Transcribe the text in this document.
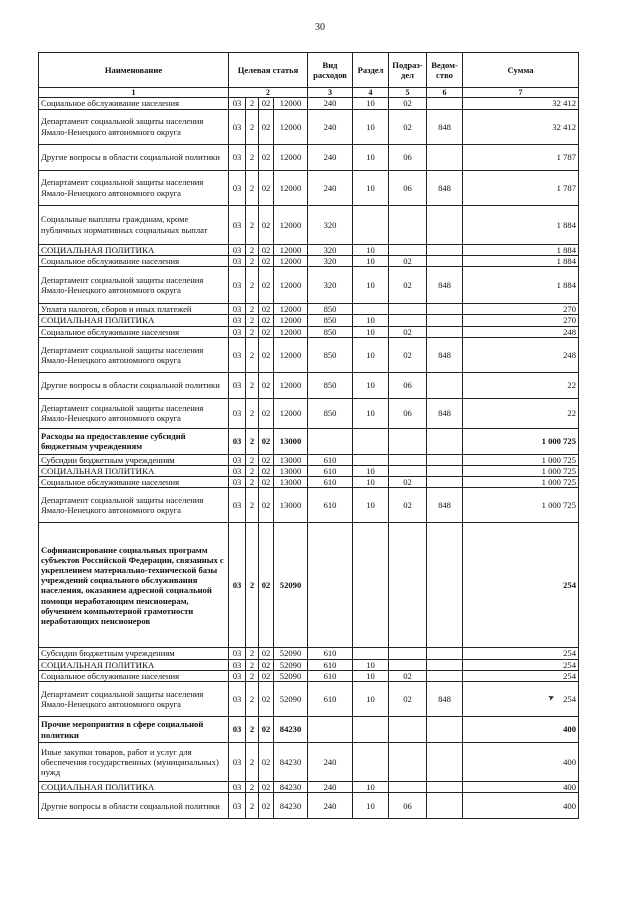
30
Наименование	Целевая статья				Вид расходов	Раздел	Подраз-дел	Ведом-ство	Сумма
1	2				3	4	5	6	7
Социальное обслуживание населения	03	2	02	12000	240	10	02		32 412
Департамент социальной защиты населения Ямало-Ненецкого автономного округа	03	2	02	12000	240	10	02	848	32 412
Другие вопросы в области социальной политики	03	2	02	12000	240	10	06		1 787
Департамент социальной защиты населения Ямало-Ненецкого автономного округа	03	2	02	12000	240	10	06	848	1 787
Социальные выплаты гражданам, кроме публичных нормативных социальных выплат	03	2	02	12000	320				1 884
СОЦИАЛЬНАЯ ПОЛИТИКА	03	2	02	12000	320	10			1 884
Социальное обслуживание населения	03	2	02	12000	320	10	02		1 884
Департамент социальной защиты населения Ямало-Ненецкого автономного округа	03	2	02	12000	320	10	02	848	1 884
Уплата налогов, сборов и иных платежей	03	2	02	12000	850				270
СОЦИАЛЬНАЯ ПОЛИТИКА	03	2	02	12000	850	10			270
Социальное обслуживание населения	03	2	02	12000	850	10	02		248
Департамент социальной защиты населения Ямало-Ненецкого автономного округа	03	2	02	12000	850	10	02	848	248
Другие вопросы в области социальной политики	03	2	02	12000	850	10	06		22
Департамент социальной защиты населения Ямало-Ненецкого автономного округа	03	2	02	12000	850	10	06	848	22
Расходы на предоставление субсидий бюджетным учреждениям	03	2	02	13000					1 000 725
Субсидии бюджетным учреждениям	03	2	02	13000	610				1 000 725
СОЦИАЛЬНАЯ ПОЛИТИКА	03	2	02	13000	610	10			1 000 725
Социальное обслуживание населения	03	2	02	13000	610	10	02		1 000 725
Департамент социальной защиты населения Ямало-Ненецкого автономного округа	03	2	02	13000	610	10	02	848	1 000 725
Софинансирование социальных программ субъектов Российской Федерации, связанных с укреплением материально-технической базы учреждений социального обслуживания населения, оказанием адресной социальной помощи неработающим пенсионерам, обучением компьютерной грамотности неработающих пенсионеров	03	2	02	52090					254
Субсидии бюджетным учреждениям	03	2	02	52090	610				254
СОЦИАЛЬНАЯ ПОЛИТИКА	03	2	02	52090	610	10			254
Социальное обслуживание населения	03	2	02	52090	610	10	02		254
Департамент социальной защиты населения Ямало-Ненецкого автономного округа	03	2	02	52090	610	10	02	848	254
Прочие мероприятия в сфере социальной политики	03	2	02	84230					400
Иные закупки товаров, работ и услуг для обеспечения государственных (муниципальных) нужд	03	2	02	84230	240				400
СОЦИАЛЬНАЯ ПОЛИТИКА	03	2	02	84230	240	10			400
Другие вопросы в области социальной политики	03	2	02	84230	240	10	06		400
➤
